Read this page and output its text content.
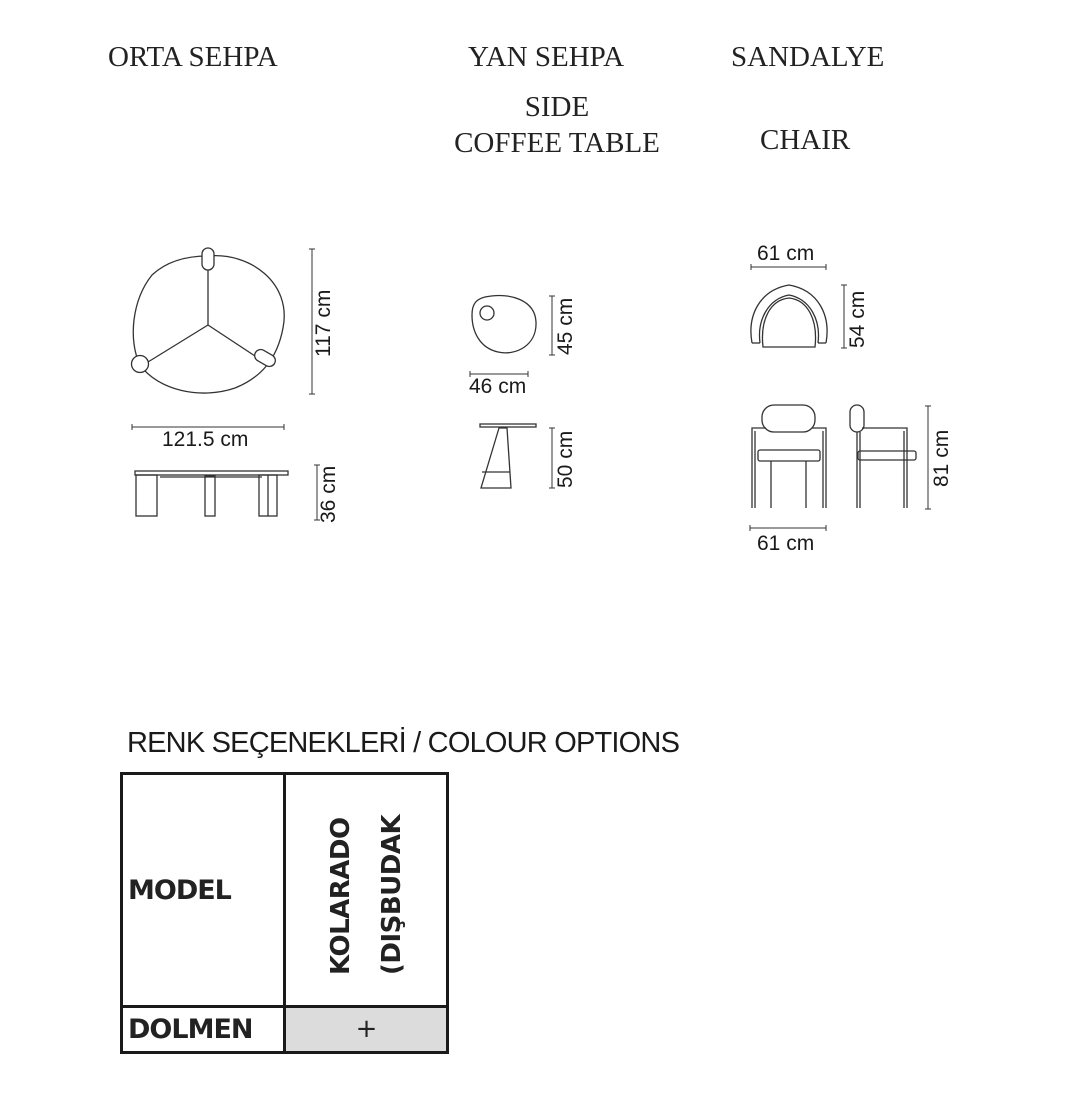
ORTA SEHPA	YAN SEHPA	SANDALYE
SIDE
COFFEE TABLE	CHAIR
117 cm
121.5 cm
36 cm
45 cm
46 cm
50 cm
61 cm
54 cm
81 cm
61 cm
RENK SEÇENEKLERİ / COLOUR OPTIONS
MODEL	KOLARADO (DIŞBUDAK
DOLMEN	+
